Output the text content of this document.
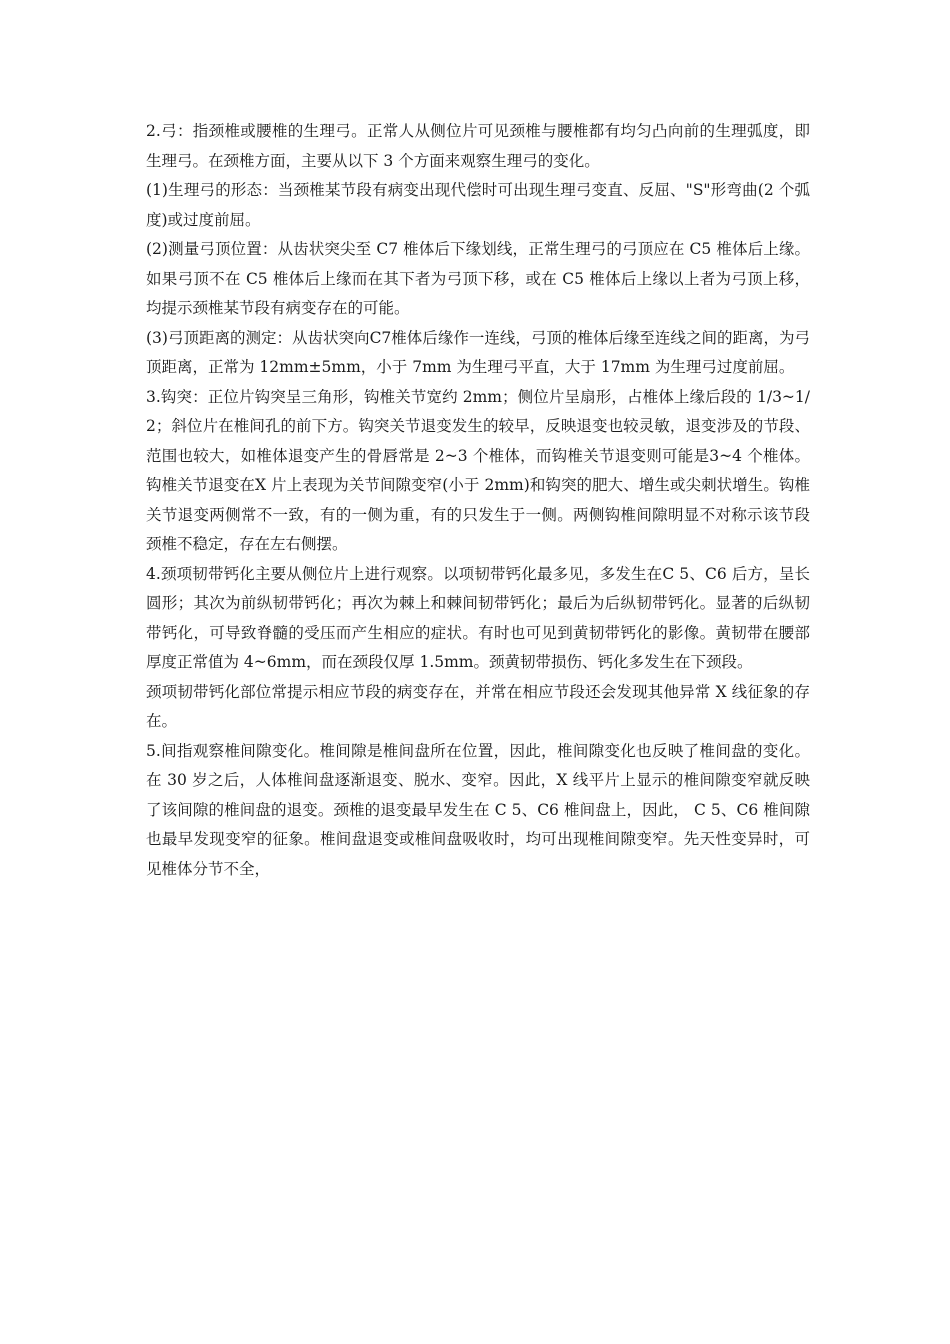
2.弓：指颈椎或腰椎的生理弓。正常人从侧位片可见颈椎与腰椎都有均匀凸向前的生理弧度，即生理弓。在颈椎方面，主要从以下 3 个方面来观察生理弓的变化。

(1)生理弓的形态：当颈椎某节段有病变出现代偿时可出现生理弓变直、反屈、"S"形弯曲(2 个弧度)或过度前屈。

(2)测量弓顶位置：从齿状突尖至 C7 椎体后下缘划线，正常生理弓的弓顶应在 C5 椎体后上缘。如果弓顶不在 C5 椎体后上缘而在其下者为弓顶下移，或在 C5 椎体后上缘以上者为弓顶上移，均提示颈椎某节段有病变存在的可能。

(3)弓顶距离的测定：从齿状突向C7椎体后缘作一连线，弓顶的椎体后缘至连线之间的距离，为弓顶距离，正常为 12mm±5mm，小于 7mm 为生理弓平直，大于 17mm 为生理弓过度前屈。

3.钩突：正位片钩突呈三角形，钩椎关节宽约 2mm；侧位片呈扇形，占椎体上缘后段的 1/3~1/2；斜位片在椎间孔的前下方。钩突关节退变发生的较早，反映退变也较灵敏，退变涉及的节段、范围也较大，如椎体退变产生的骨唇常是 2~3 个椎体，而钩椎关节退变则可能是3~4 个椎体。钩椎关节退变在X 片上表现为关节间隙变窄(小于 2mm)和钩突的肥大、增生或尖刺状增生。钩椎关节退变两侧常不一致，有的一侧为重，有的只发生于一侧。两侧钩椎间隙明显不对称示该节段颈椎不稳定，存在左右侧摆。

4.颈项韧带钙化主要从侧位片上进行观察。以项韧带钙化最多见，多发生在C 5、C6 后方，呈长圆形；其次为前纵韧带钙化；再次为棘上和棘间韧带钙化；最后为后纵韧带钙化。显著的后纵韧带钙化，可导致脊髓的受压而产生相应的症状。有时也可见到黄韧带钙化的影像。黄韧带在腰部厚度正常值为 4~6mm，而在颈段仅厚 1.5mm。颈黄韧带损伤、钙化多发生在下颈段。

颈项韧带钙化部位常提示相应节段的病变存在，并常在相应节段还会发现其他异常 X 线征象的存在。

5.间指观察椎间隙变化。椎间隙是椎间盘所在位置，因此，椎间隙变化也反映了椎间盘的变化。在 30 岁之后，人体椎间盘逐渐退变、脱水、变窄。因此，X 线平片上显示的椎间隙变窄就反映了该间隙的椎间盘的退变。颈椎的退变最早发生在 C 5、C6 椎间盘上，因此， C 5、C6 椎间隙也最早发现变窄的征象。椎间盘退变或椎间盘吸收时，均可出现椎间隙变窄。先天性变异时，可见椎体分节不全，
